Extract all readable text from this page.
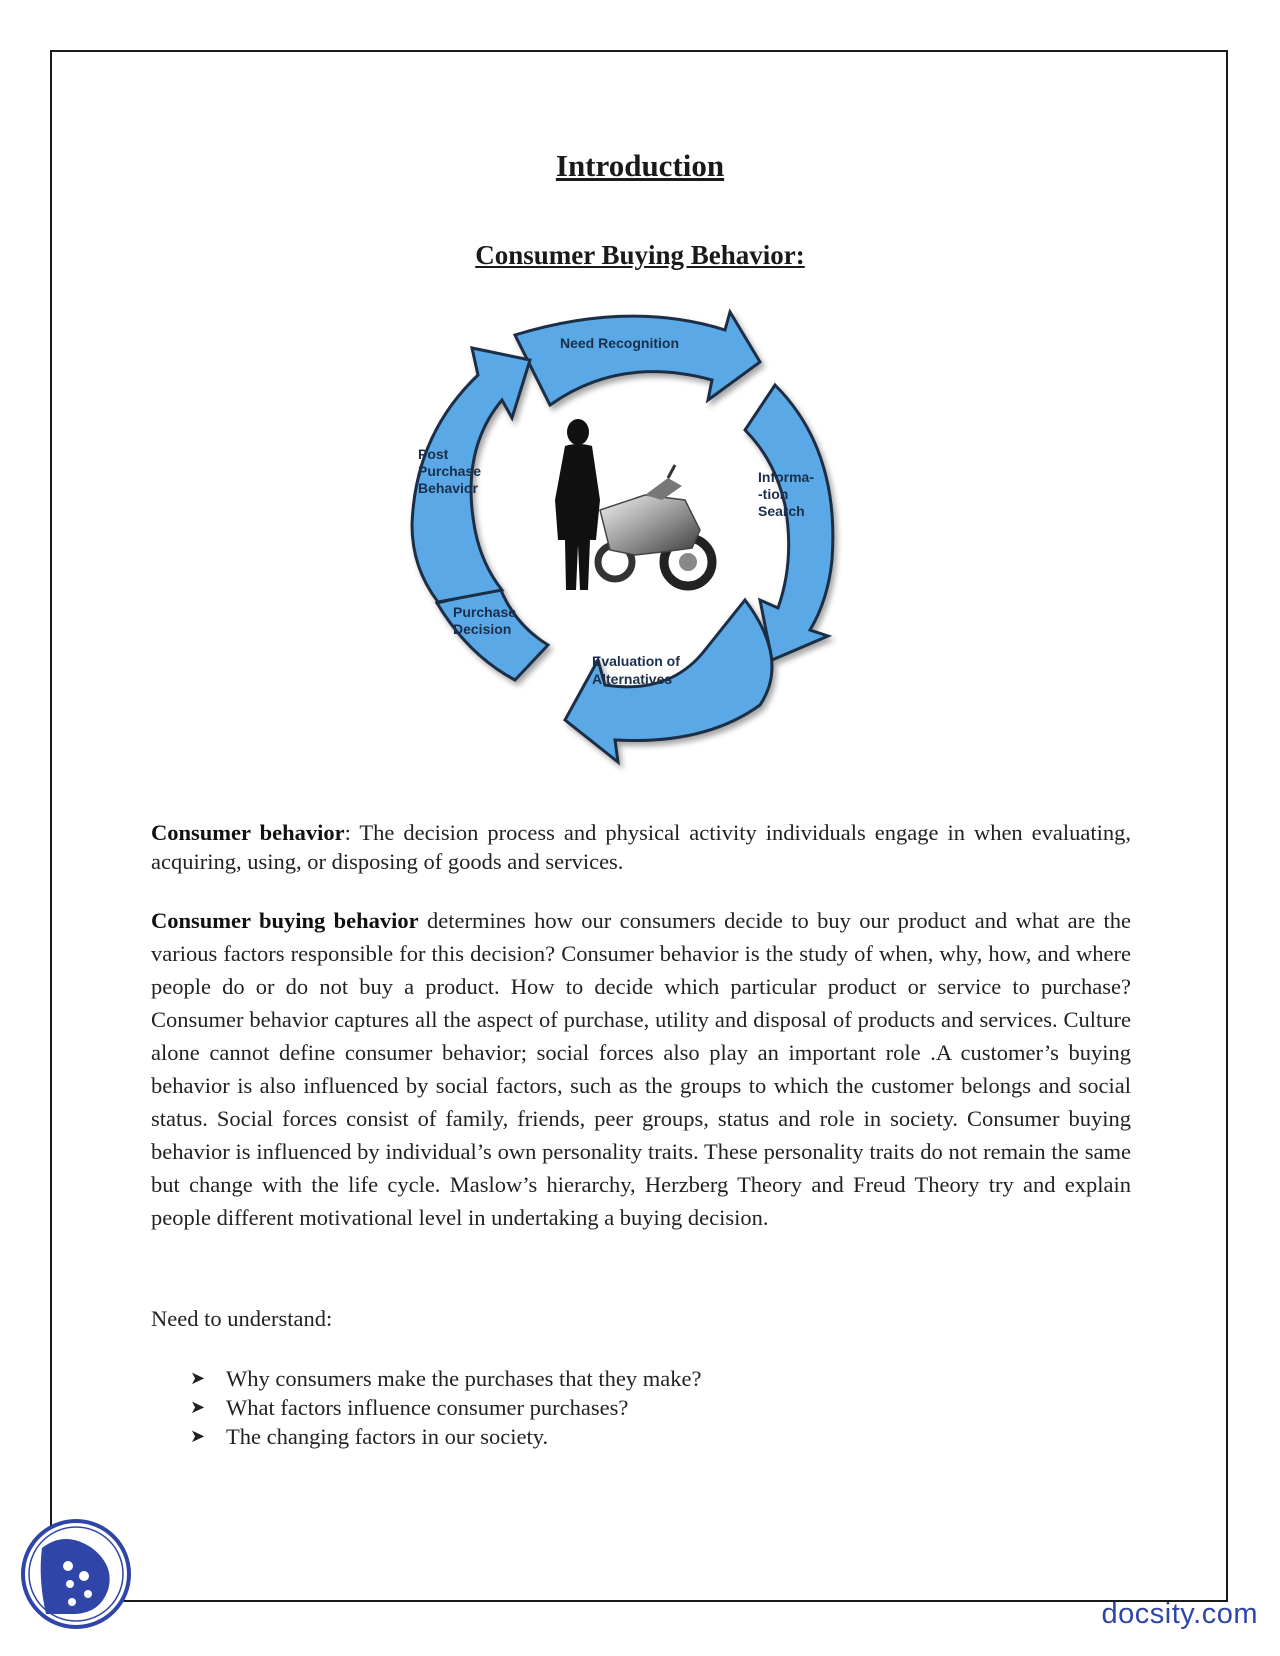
Introduction
Consumer Buying Behavior:
Need Recognition
Informa-
-tion
Search
Evaluation of
Alternatives
Purchase
Decision
Post
Purchase
Behavior
Consumer behavior: The decision process and physical activity individuals engage in when evaluating, acquiring, using, or disposing of goods and services.
Consumer buying behavior determines how our consumers decide to buy our product and what are the various factors responsible for this decision? Consumer behavior is the study of when, why, how, and where people do or do not buy a product. How to decide which particular product or service to purchase? Consumer behavior captures all the aspect of purchase, utility and disposal of products and services. Culture alone cannot define consumer behavior; social forces also play an important role .A customer’s buying behavior is also influenced by social factors, such as the groups to which the customer belongs and social status. Social forces consist of family, friends, peer groups, status and role in society. Consumer buying behavior is influenced by individual’s own personality traits. These personality traits do not remain the same but change with the life cycle. Maslow’s hierarchy, Herzberg Theory and Freud Theory try and explain people different motivational level in undertaking a buying decision.
Need to understand:
➤ Why consumers make the purchases that they make?
➤ What factors influence consumer purchases?
➤ The changing factors in our society.
docsity.com
